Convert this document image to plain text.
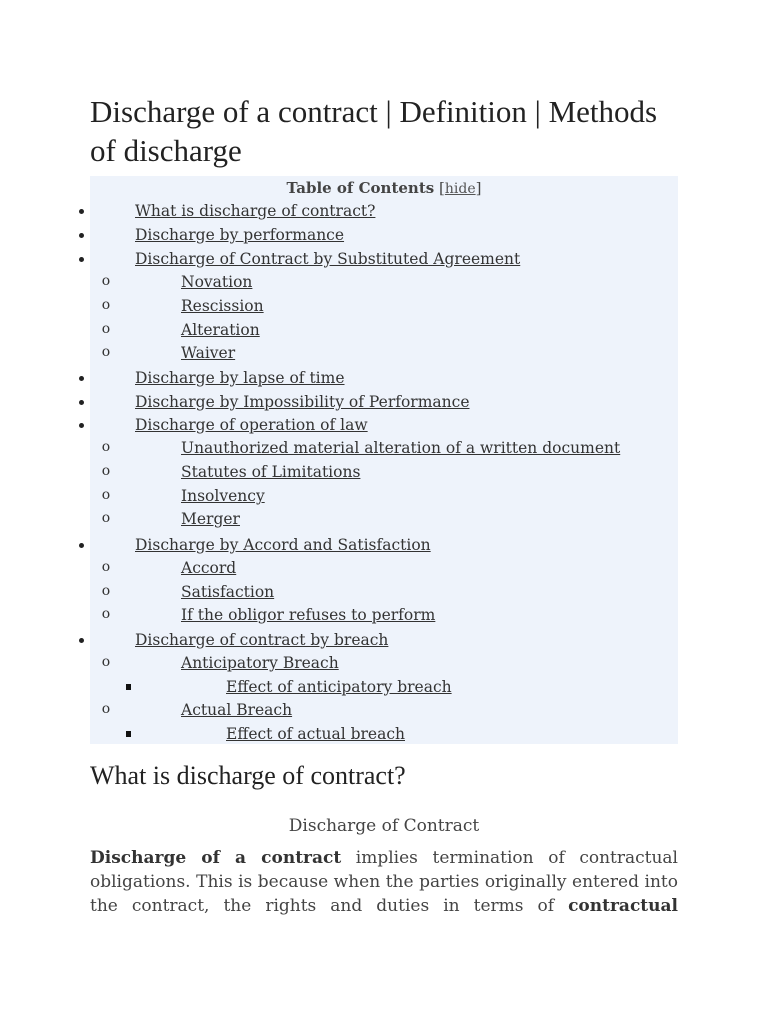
Discharge of a contract | Definition | Methods of discharge
Table of Contents [hide]
What is discharge of contract?
Discharge by performance
Discharge of Contract by Substituted Agreement
o
Novation
o
Rescission
o
Alteration
o
Waiver
Discharge by lapse of time
Discharge by Impossibility of Performance
Discharge of operation of law
o
Unauthorized material alteration of a written document
o
Statutes of Limitations
o
Insolvency
o
Merger
Discharge by Accord and Satisfaction
o
Accord
o
Satisfaction
o
If the obligor refuses to perform
Discharge of contract by breach
o
Anticipatory Breach
Effect of anticipatory breach
o
Actual Breach
Effect of actual breach
What is discharge of contract?
Discharge of Contract

Discharge of a contract implies termination of contractual obligations. This is because when the parties originally entered into the contract, the rights and duties in terms of contractual
